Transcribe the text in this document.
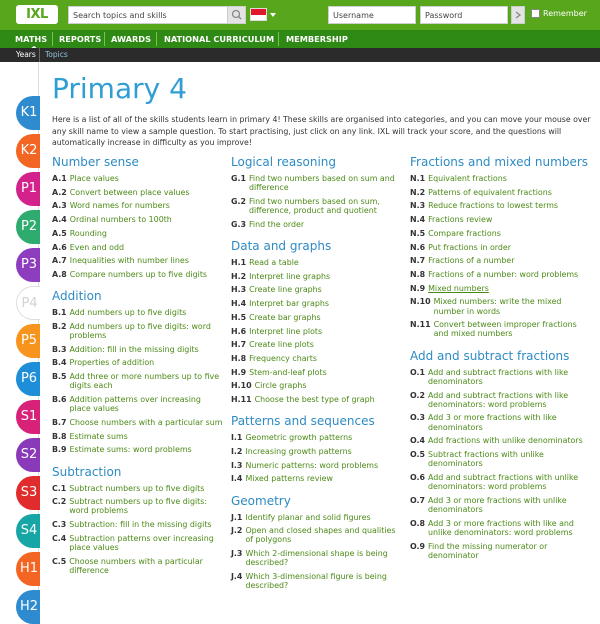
IXL
Search topics and skills
Username	Remember
MATHS REPORTS AWARDS NATIONAL CURRICULUM MEMBERSHIP
Years Topics
K1
K2
P1
P2
P3
P4
P5
P6
S1
S2
S3
S4
H1
H2
Primary 4
Here is a list of all of the skills students learn in primary 4! These skills are organised into categories, and you can move your mouse over any skill name to view a sample question. To start practising, just click on any link. IXL will track your score, and the questions will automatically increase in difficulty as you improve!
Number sense
A.1 Place values
A.2 Convert between place values
A.3 Word names for numbers
A.4 Ordinal numbers to 100th
A.5 Rounding
A.6 Even and odd
A.7 Inequalities with number lines
A.8 Compare numbers up to five digits
Addition
B.1 Add numbers up to five digits
B.2 Add numbers up to five digits: word problems
B.3 Addition: fill in the missing digits
B.4 Properties of addition
B.5 Add three or more numbers up to five digits each
B.6 Addition patterns over increasing place values
B.7 Choose numbers with a particular sum
B.8 Estimate sums
B.9 Estimate sums: word problems
Subtraction
C.1 Subtract numbers up to five digits
C.2 Subtract numbers up to five digits: word problems
C.3 Subtraction: fill in the missing digits
C.4 Subtraction patterns over increasing place values
C.5 Choose numbers with a particular difference
Logical reasoning
G.1 Find two numbers based on sum and difference
G.2 Find two numbers based on sum, difference, product and quotient
G.3 Find the order
Data and graphs
H.1 Read a table
H.2 Interpret line graphs
H.3 Create line graphs
H.4 Interpret bar graphs
H.5 Create bar graphs
H.6 Interpret line plots
H.7 Create line plots
H.8 Frequency charts
H.9 Stem-and-leaf plots
H.10 Circle graphs
H.11 Choose the best type of graph
Patterns and sequences
I.1 Geometric growth patterns
I.2 Increasing growth patterns
I.3 Numeric patterns: word problems
I.4 Mixed patterns review
Geometry
J.1 Identify planar and solid figures
J.2 Open and closed shapes and qualities of polygons
J.3 Which 2-dimensional shape is being described?
J.4 Which 3-dimensional figure is being described?
Fractions and mixed numbers
N.1 Equivalent fractions
N.2 Patterns of equivalent fractions
N.3 Reduce fractions to lowest terms
N.4 Fractions review
N.5 Compare fractions
N.6 Put fractions in order
N.7 Fractions of a number
N.8 Fractions of a number: word problems
N.9 Mixed numbers
N.10 Mixed numbers: write the mixed number in words
N.11 Convert between improper fractions and mixed numbers
Add and subtract fractions
O.1 Add and subtract fractions with like denominators
O.2 Add and subtract fractions with like denominators: word problems
O.3 Add 3 or more fractions with like denominators
O.4 Add fractions with unlike denominators
O.5 Subtract fractions with unlike denominators
O.6 Add and subtract fractions with unlike denominators: word problems
O.7 Add 3 or more fractions with unlike denominators
O.8 Add 3 or more fractions with like and unlike denominators: word problems
O.9 Find the missing numerator or denominator
